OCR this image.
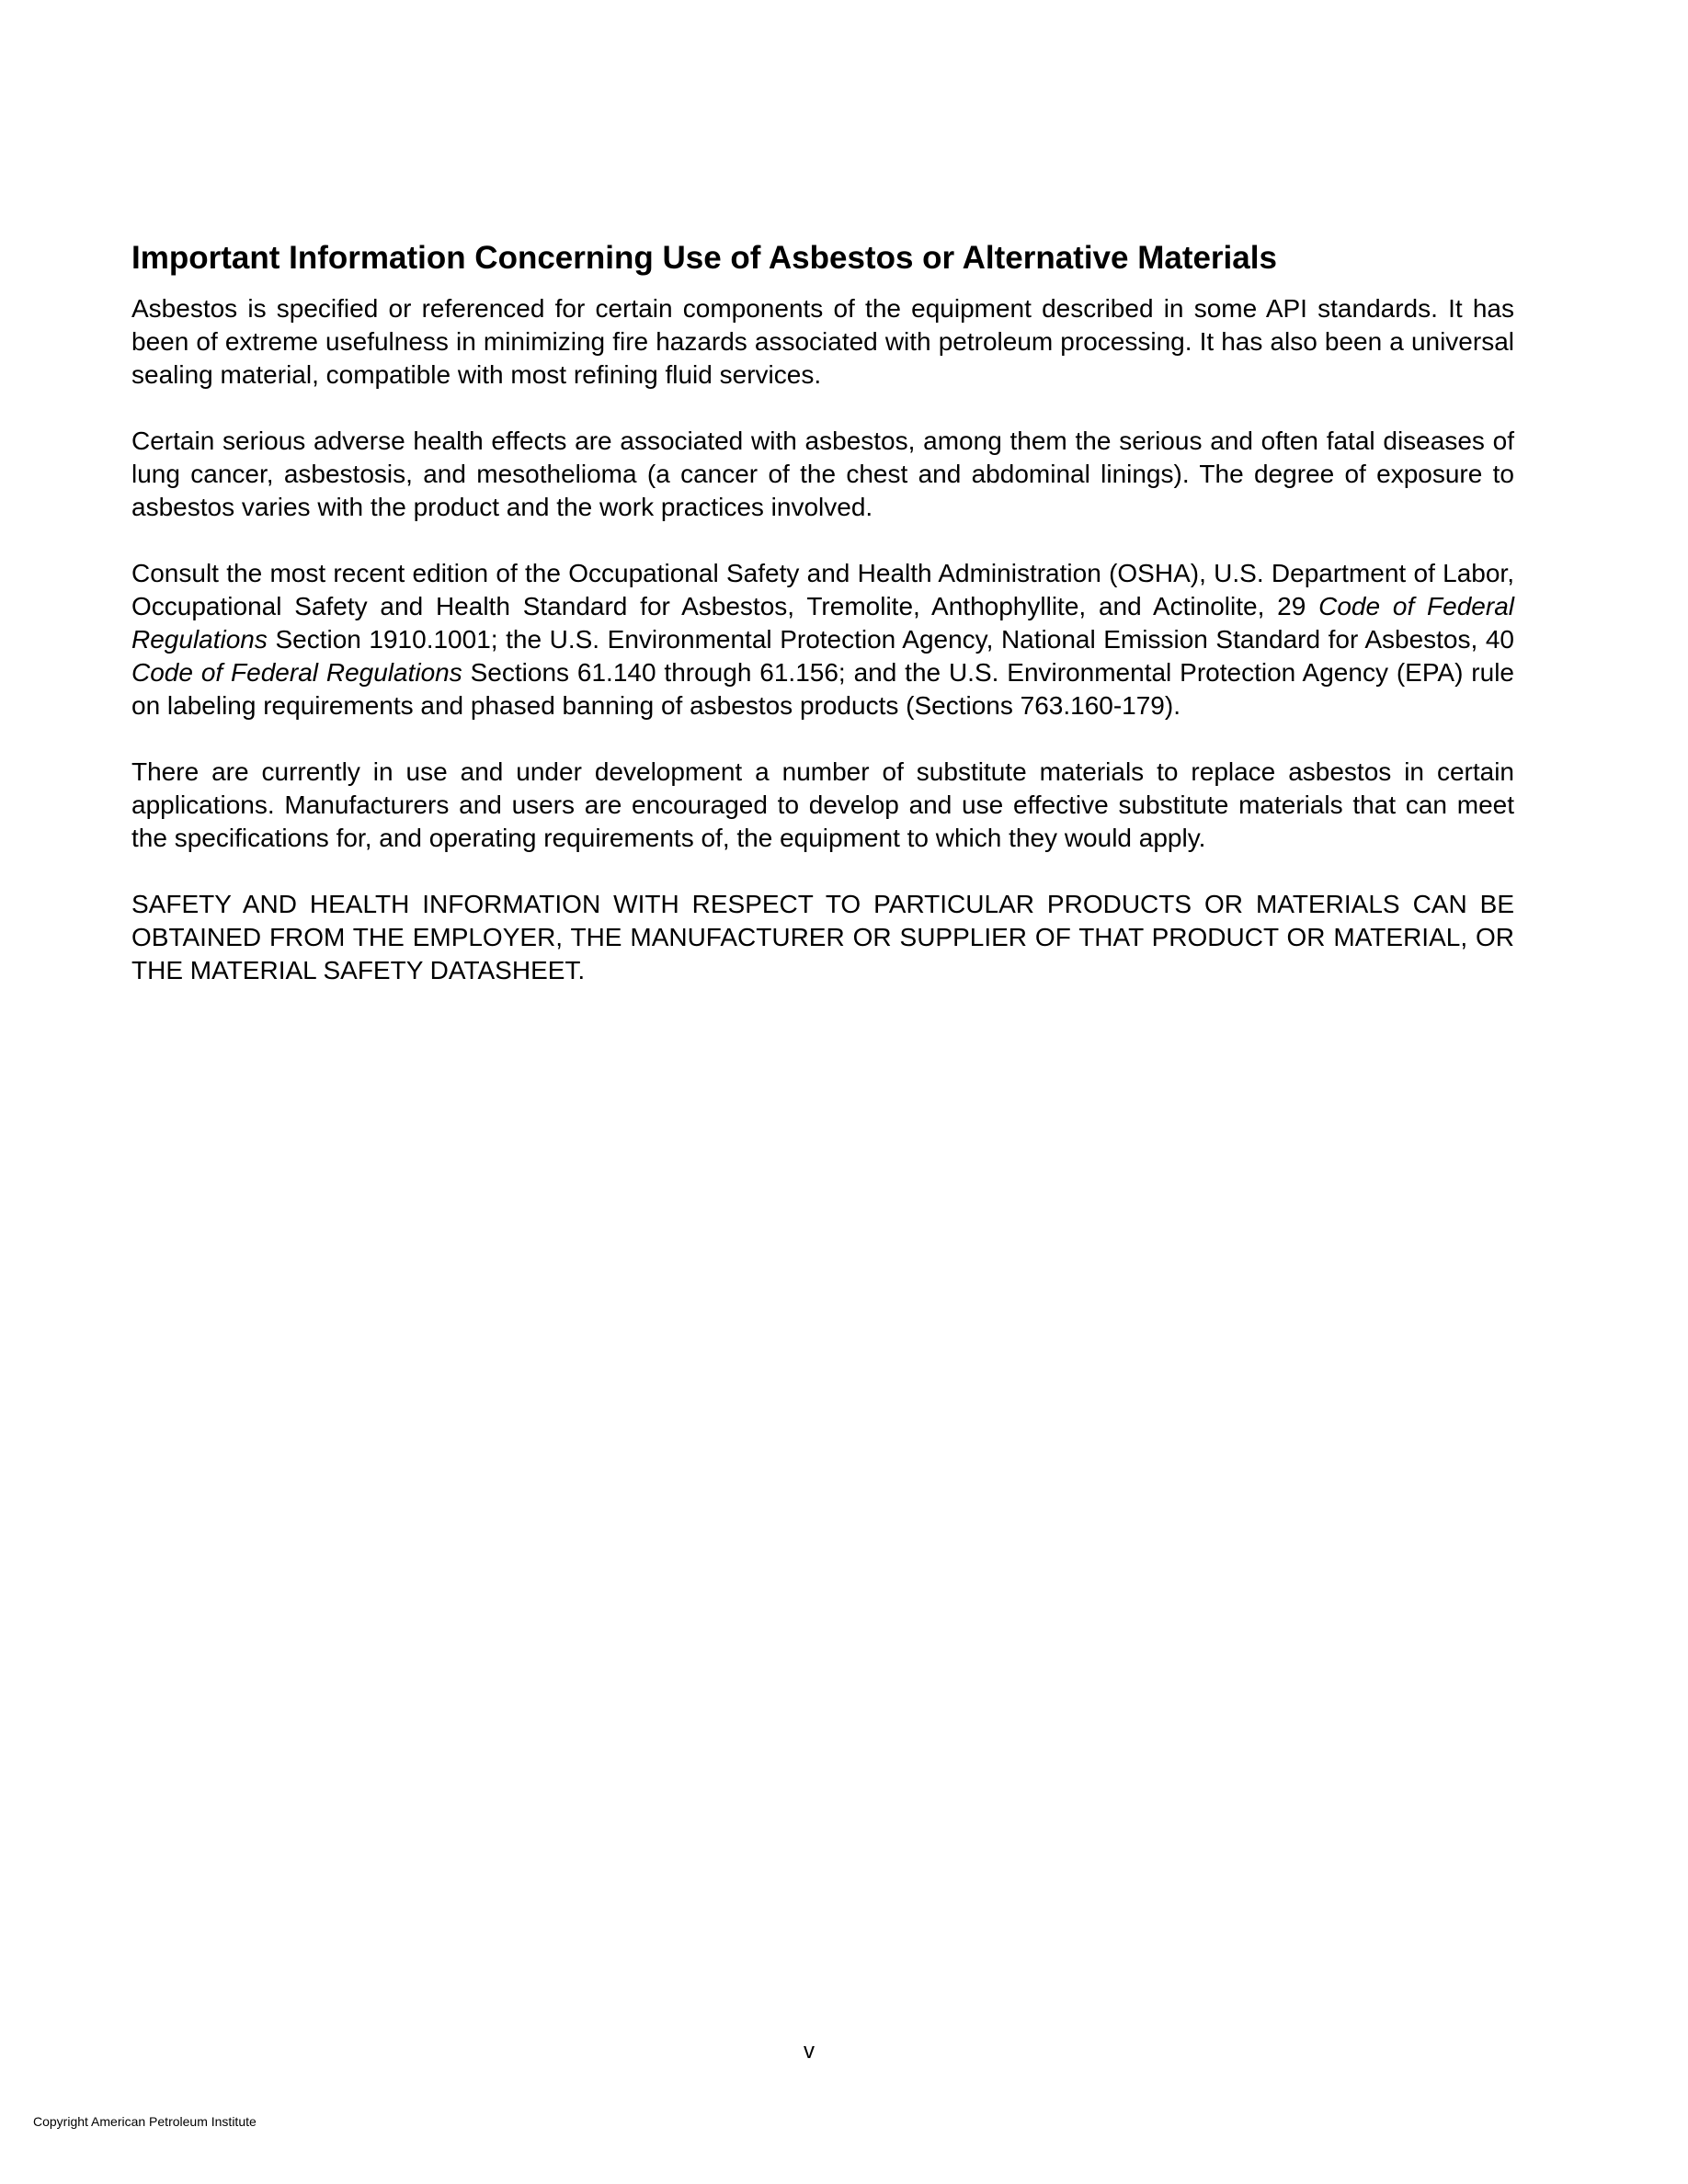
Important Information Concerning Use of Asbestos or Alternative Materials

Asbestos is specified or referenced for certain components of the equipment described in some API standards. It has been of extreme usefulness in minimizing fire hazards associated with petroleum processing. It has also been a universal sealing material, compatible with most refining fluid services.

Certain serious adverse health effects are associated with asbestos, among them the serious and often fatal diseases of lung cancer, asbestosis, and mesothelioma (a cancer of the chest and abdominal linings). The degree of exposure to asbestos varies with the product and the work practices involved.

Consult the most recent edition of the Occupational Safety and Health Administration (OSHA), U.S. Department of Labor, Occupational Safety and Health Standard for Asbestos, Tremolite, Anthophyllite, and Actinolite, 29 Code of Federal Regulations Section 1910.1001; the U.S. Environmental Protection Agency, National Emission Standard for Asbestos, 40 Code of Federal Regulations Sections 61.140 through 61.156; and the U.S. Environmental Protection Agency (EPA) rule on labeling requirements and phased banning of asbestos products (Sections 763.160-179).

There are currently in use and under development a number of substitute materials to replace asbestos in certain applications. Manufacturers and users are encouraged to develop and use effective substitute materials that can meet the specifications for, and operating requirements of, the equipment to which they would apply.

SAFETY AND HEALTH INFORMATION WITH RESPECT TO PARTICULAR PRODUCTS OR MATERIALS CAN BE OBTAINED FROM THE EMPLOYER, THE MANUFACTURER OR SUPPLIER OF THAT PRODUCT OR MATERIAL, OR THE MATERIAL SAFETY DATASHEET.

v
Copyright American Petroleum Institute
